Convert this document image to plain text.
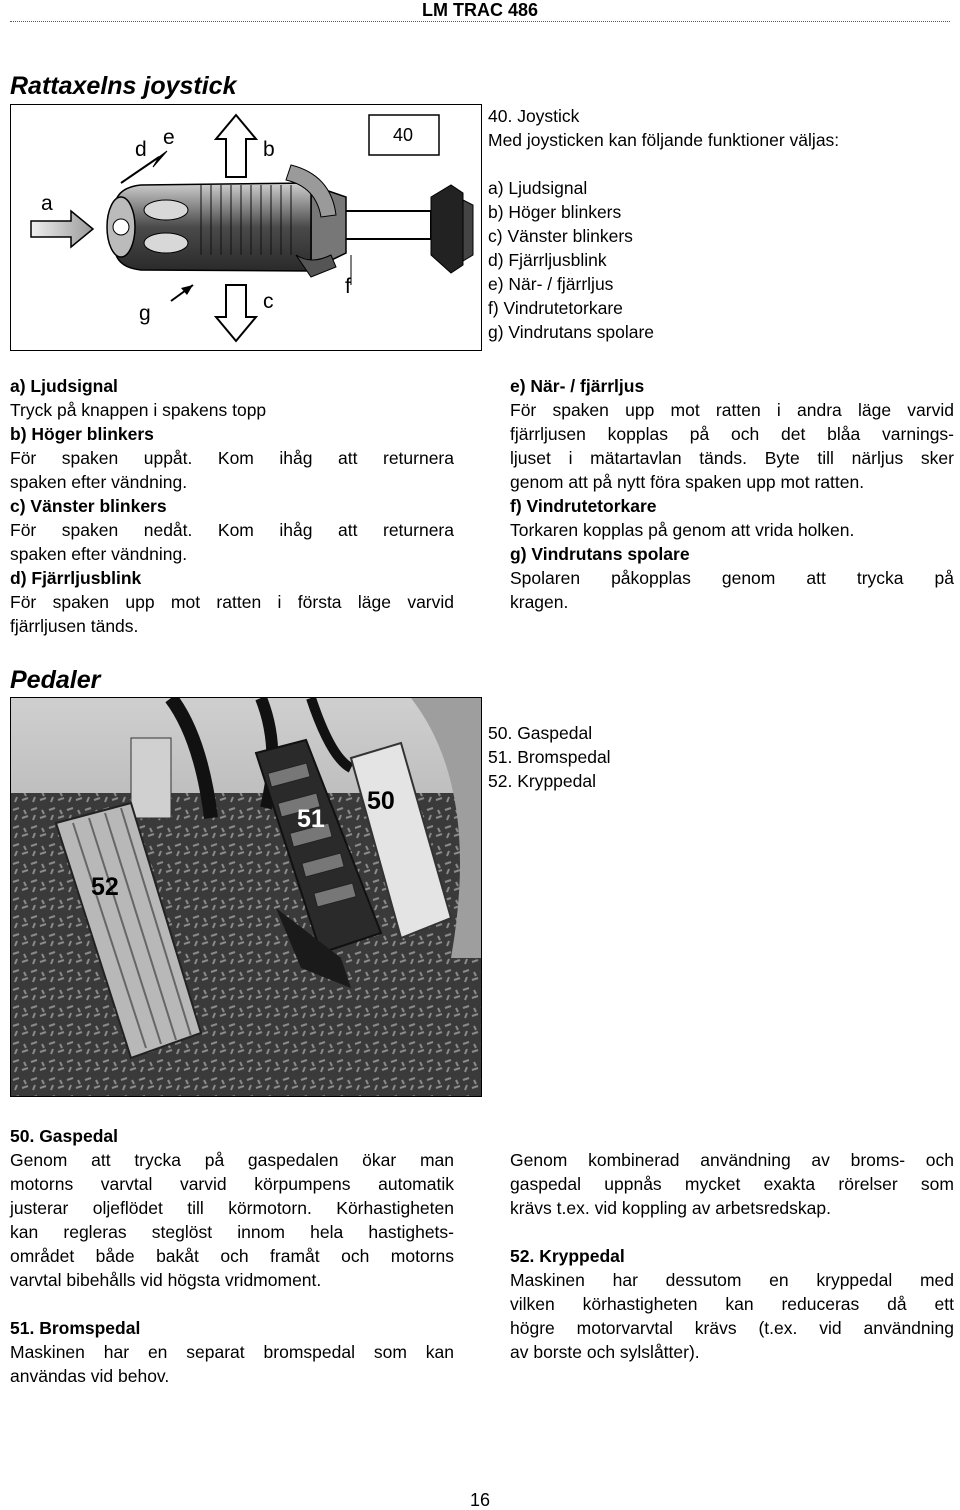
LM TRAC 486
Rattaxelns joystick
40
a
b
c
d
e
f
g

40. Joystick

Med joysticken kan följande funktioner väljas:

a) Ljudsignal

b) Höger blinkers

c) Vänster blinkers

d) Fjärrljusblink

e) När- / fjärrljus

f) Vindrutetorkare

g) Vindrutans spolare

a) Ljudsignal

Tryck på knappen i spakens topp

b) Höger blinkers

För spaken uppåt. Kom ihåg att returnera

spaken efter vändning.

c) Vänster blinkers

För spaken nedåt. Kom ihåg att returnera

spaken efter vändning.

d) Fjärrljusblink

För spaken upp mot ratten i första läge varvid

fjärrljusen tänds.

e) När- / fjärrljus

För spaken upp mot ratten i andra läge varvid

fjärrljusen kopplas på och det blåa varnings-

ljuset i mätartavlan tänds. Byte till närljus sker

genom att på nytt föra spaken upp mot ratten.

f) Vindrutetorkare

Torkaren kopplas på genom att vrida holken.

g) Vindrutans spolare

Spolaren påkopplas genom att trycka på

kragen.

Pedaler
50
51
52

50. Gaspedal

51. Bromspedal

52. Kryppedal

50. Gaspedal

Genom att trycka på gaspedalen ökar man

motorns varvtal varvid körpumpens automatik

justerar oljeflödet till körmotorn. Körhastigheten

kan regleras steglöst innom hela hastighets-

området både bakåt och framåt och motorns

varvtal bibehålls vid högsta vridmoment.

51. Bromspedal

Maskinen har en separat bromspedal som kan

användas vid behov.

Genom kombinerad användning av broms- och

gaspedal uppnås mycket exakta rörelser som

krävs t.ex. vid koppling av arbetsredskap.

52. Kryppedal

Maskinen har dessutom en kryppedal med

vilken körhastigheten kan reduceras då ett

högre motorvarvtal krävs (t.ex. vid användning

av borste och sylslåtter).

16
